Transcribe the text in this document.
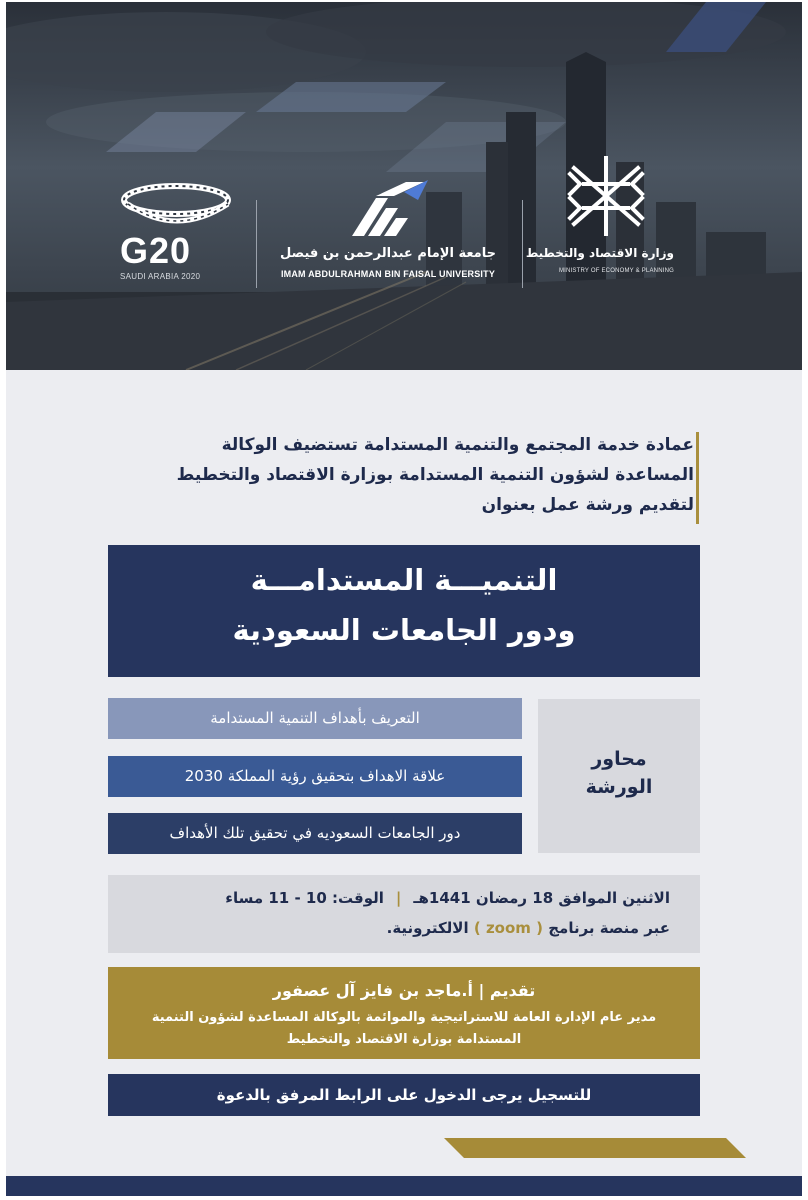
G20
SAUDI ARABIA 2020
جامعة الإمام عبدالرحمن بن فيصل
IMAM ABDULRAHMAN BIN FAISAL UNIVERSITY
وزارة الاقتصاد والتخطيط
MINISTRY OF ECONOMY & PLANNING
عمادة خدمة المجتمع والتنمية المستدامة تستضيف الوكالة
المساعدة لشؤون التنمية المستدامة بوزارة الاقتصاد والتخطيط
لتقديم ورشة عمل بعنوان
التنميـــة المستدامـــة
ودور الجامعات السعودية
محاور
الورشة
التعريف بأهداف التنمية المستدامة
علاقة الاهداف بتحقيق رؤية المملكة 2030
دور الجامعات السعوديه في تحقيق تلك الأهداف
الاثنين الموافق 18 رمضان 1441هـ|الوقت: 10 - 11 مساء
عبر منصة برنامج ( zoom ) الالكترونية.
تقديم | أ.ماجد بن فايز آل عصفور
مدير عام الإدارة العامة للاستراتيجية والموائمة بالوكالة المساعدة لشؤون التنمية المستدامة بوزارة الاقتصاد والتخطيط
للتسجيل يرجى الدخول على الرابط المرفق بالدعوة
